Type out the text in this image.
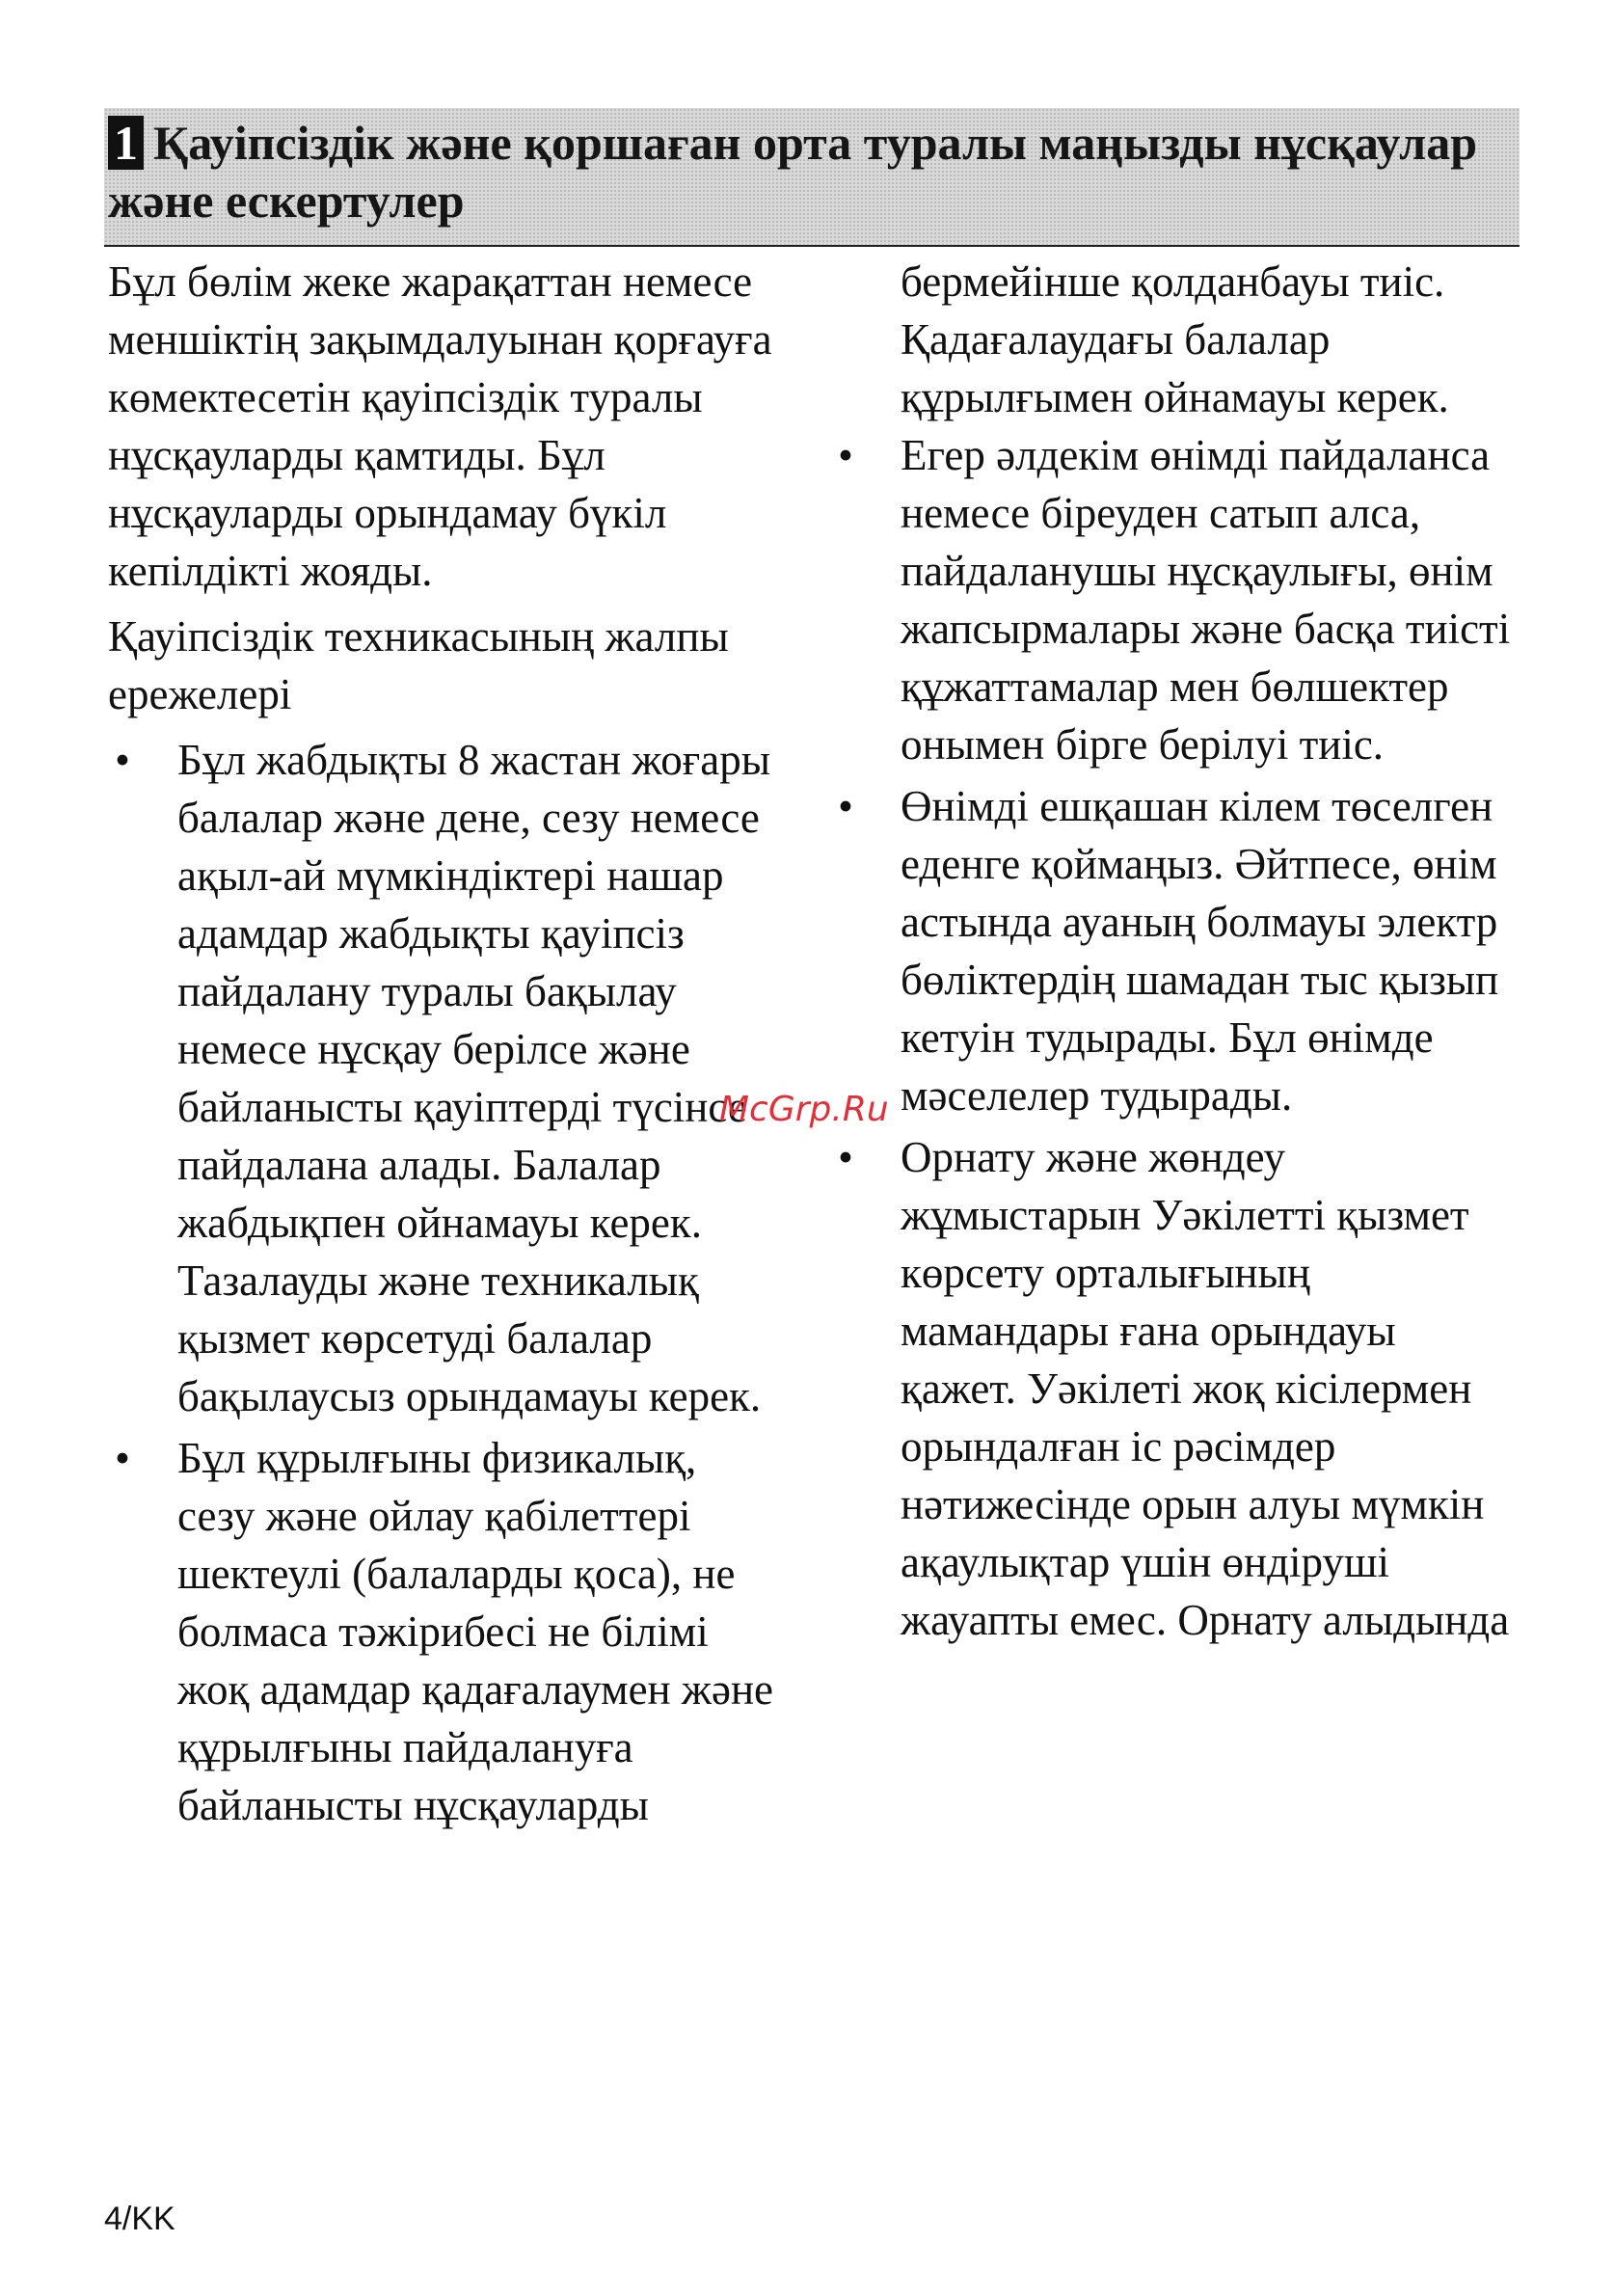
1 Қауіпсіздік және қоршаған орта туралы маңызды нұсқаулар және ескертулер

Бұл бөлім жеке жарақаттан немесе меншіктің зақымдалуынан қорғауға көмектесетін қауіпсіздік туралы нұсқауларды қамтиды. Бұл нұсқауларды орындамау бүкіл кепілдікті жояды.

Қауіпсіздік техникасының жалпы ережелері

• Бұл жабдықты 8 жастан жоғары балалар және дене, сезу немесе ақыл-ай мүмкіндіктері нашар адамдар жабдықты қауіпсіз пайдалану туралы бақылау немесе нұсқау берілсе және байланысты қауіптерді түсінсе пайдалана алады. Балалар жабдықпен ойнамауы керек. Тазалауды және техникалық қызмет көрсетуді балалар бақылаусыз орындамауы керек.
• Бұл құрылғыны физикалық, сезу және ойлау қабілеттері шектеулі (балаларды қоса), не болмаса тәжірибесі не білімі жоқ адамдар қадағалаумен және құрылғыны пайдалануға байланысты нұсқауларды

бермейінше қолданбауы тиіс.

Қадағалаудағы балалар құрылғымен ойнамауы керек.

• Егер әлдекім өнімді пайдаланса немесе біреуден сатып алса, пайдаланушы нұсқаулығы, өнім жапсырмалары және басқа тиісті құжаттамалар мен бөлшектер онымен бірге берілуі тиіс.
• Өнімді ешқашан кілем төселген еденге қоймаңыз. Әйтпесе, өнім астында ауаның болмауы электр бөліктердің шамадан тыс қызып кетуін тудырады. Бұл өнімде мәселелер тудырады.
• Орнату және жөндеу жұмыстарын Уәкілетті қызмет көрсету орталығының мамандары ғана орындауы қажет. Уәкілеті жоқ кісілермен орындалған іс рәсімдер нәтижесінде орын алуы мүмкін ақаулықтар үшін өндіруші жауапты емес. Орнату алыдында
McGrp.Ru
4/KK
